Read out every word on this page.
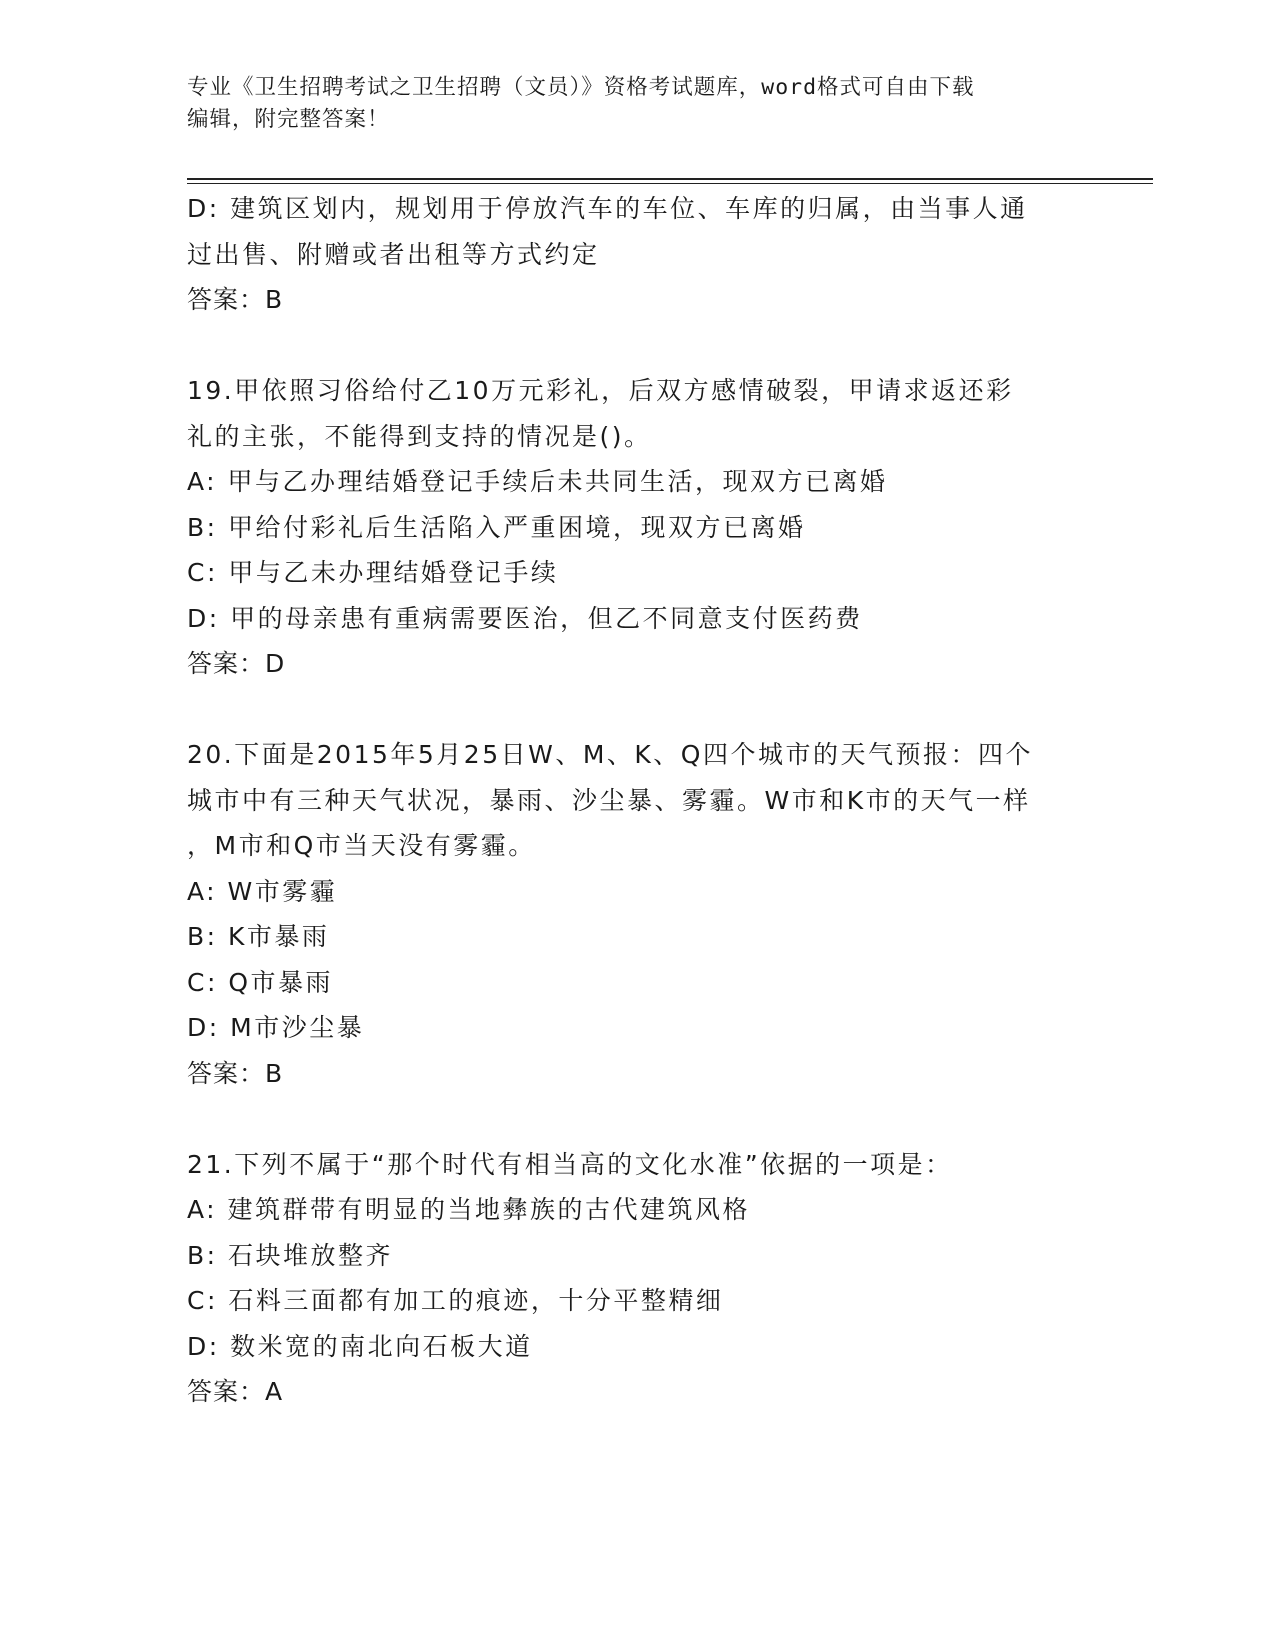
专业《卫生招聘考试之卫生招聘（文员）》资格考试题库，word格式可自由下载
编辑，附完整答案！
D: 建筑区划内，规划用于停放汽车的车位、车库的归属，由当事人通
过出售、附赠或者出租等方式约定
答案：B
19.甲依照习俗给付乙10万元彩礼，后双方感情破裂，甲请求返还彩
礼的主张，不能得到支持的情况是()。
A: 甲与乙办理结婚登记手续后未共同生活，现双方已离婚
B: 甲给付彩礼后生活陷入严重困境，现双方已离婚
C: 甲与乙未办理结婚登记手续
D: 甲的母亲患有重病需要医治，但乙不同意支付医药费
答案：D
20.下面是2015年5月25日W、M、K、Q四个城市的天气预报：四个
城市中有三种天气状况，暴雨、沙尘暴、雾霾。W市和K市的天气一样
，M市和Q市当天没有雾霾。
A: W市雾霾
B: K市暴雨
C: Q市暴雨
D: M市沙尘暴
答案：B
21.下列不属于“那个时代有相当高的文化水准”依据的一项是：
A: 建筑群带有明显的当地彝族的古代建筑风格
B: 石块堆放整齐
C: 石料三面都有加工的痕迹，十分平整精细
D: 数米宽的南北向石板大道
答案：A
